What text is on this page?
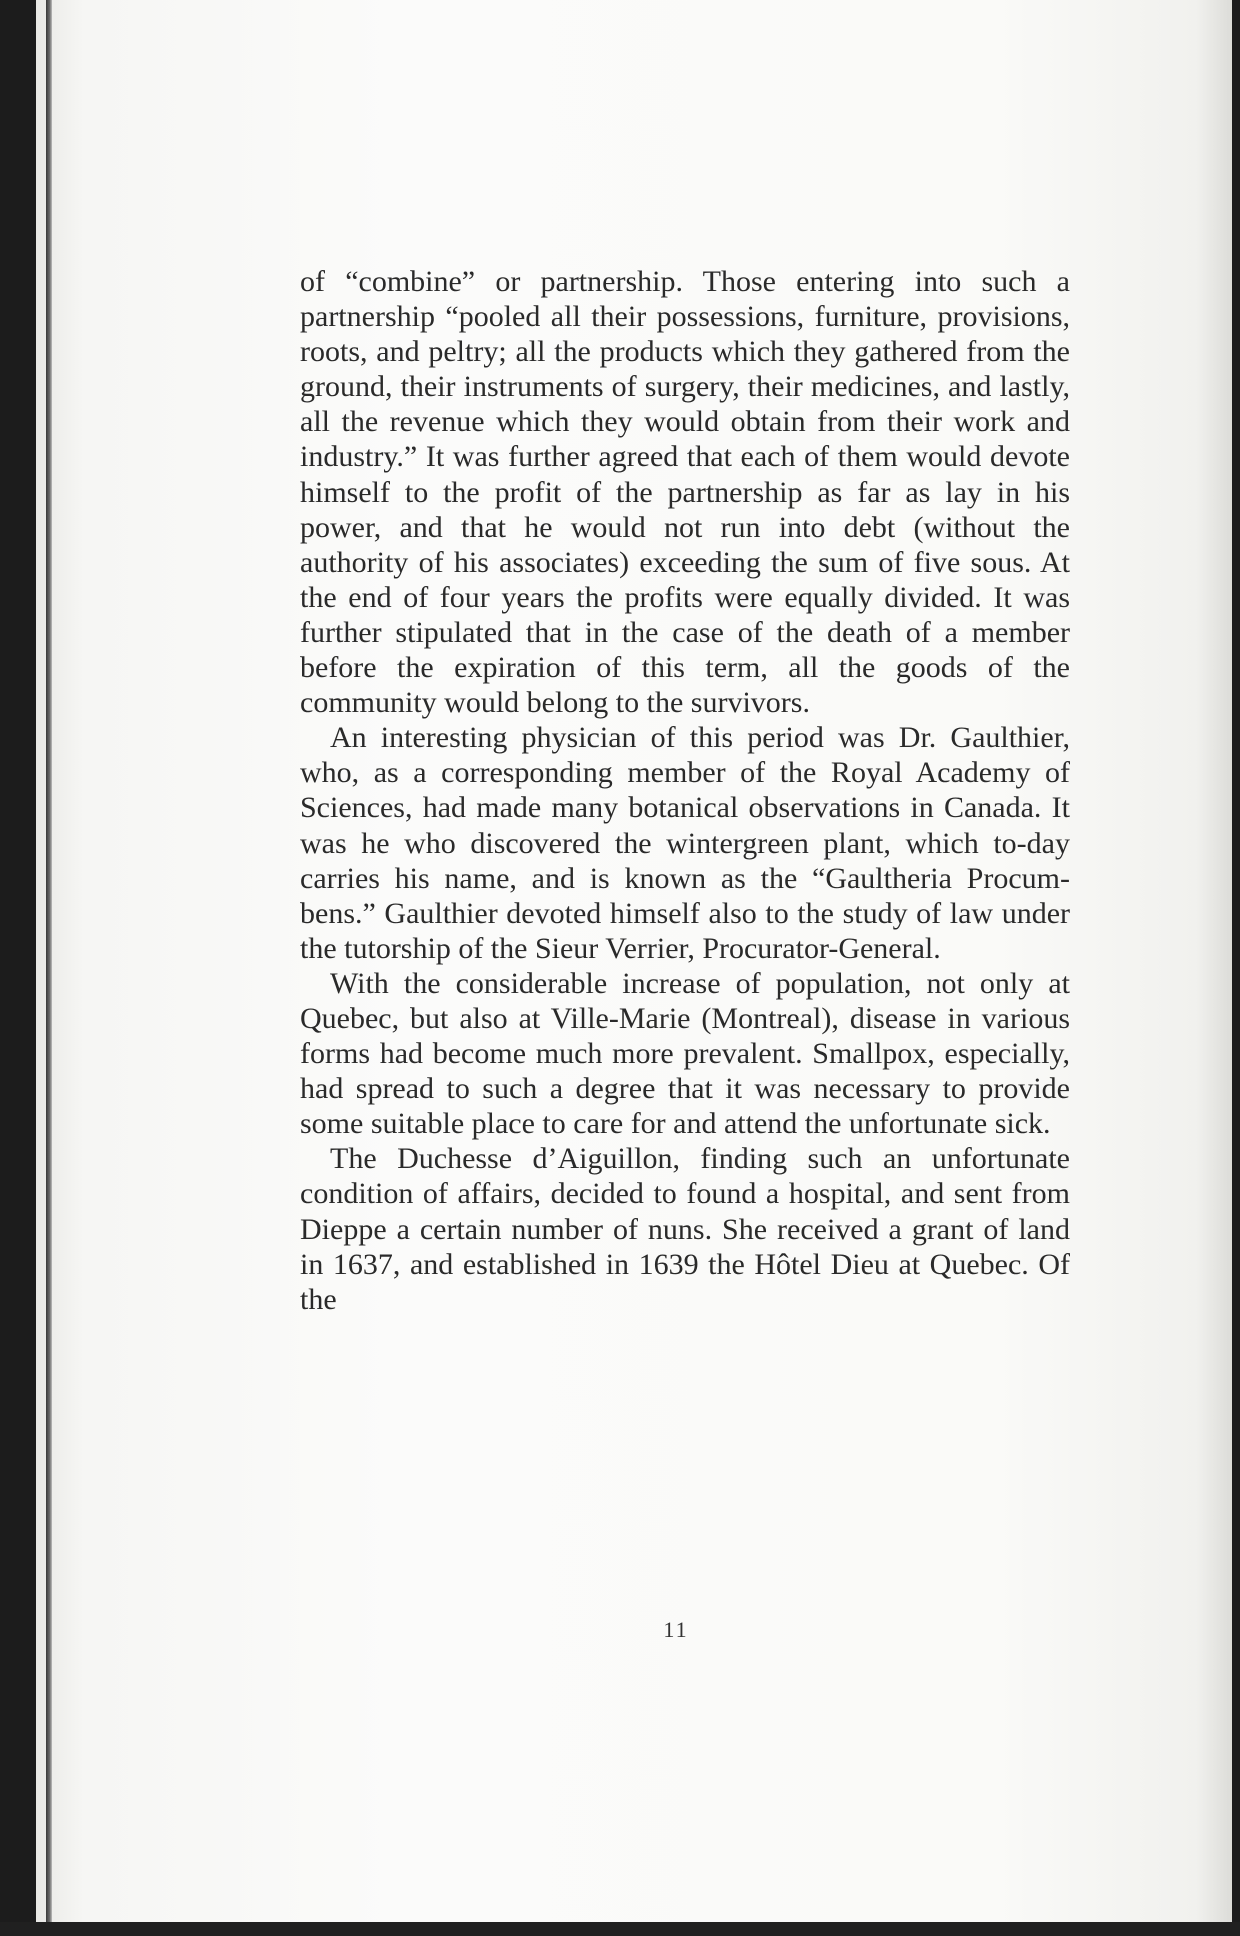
of “combine” or partnership. Those entering into such a partnership “pooled all their possessions, furniture, provisions, roots, and peltry; all the products which they gathered from the ground, their instruments of surgery, their medicines, and lastly, all the revenue which they would obtain from their work and industry.” It was further agreed that each of them would devote himself to the profit of the partnership as far as lay in his power, and that he would not run into debt (without the authority of his associates) exceeding the sum of five sous. At the end of four years the profits were equally divided. It was further stipulated that in the case of the death of a member before the expiration of this term, all the goods of the community would belong to the survivors.

An interesting physician of this period was Dr. Gaulthier, who, as a corresponding member of the Royal Academy of Sciences, had made many botanical observations in Canada. It was he who discovered the wintergreen plant, which to-day carries his name, and is known as the “Gaultheria Procumbens.” Gaulthier devoted himself also to the study of law under the tutorship of the Sieur Verrier, Procurator-General.

With the considerable increase of population, not only at Quebec, but also at Ville-Marie (Montreal), disease in various forms had become much more prevalent. Smallpox, especially, had spread to such a degree that it was necessary to provide some suitable place to care for and attend the unfortunate sick.

The Duchesse d’Aiguillon, finding such an unfortunate condition of affairs, decided to found a hospital, and sent from Dieppe a certain number of nuns. She received a grant of land in 1637, and established in 1639 the Hôtel Dieu at Quebec. Of the

11
